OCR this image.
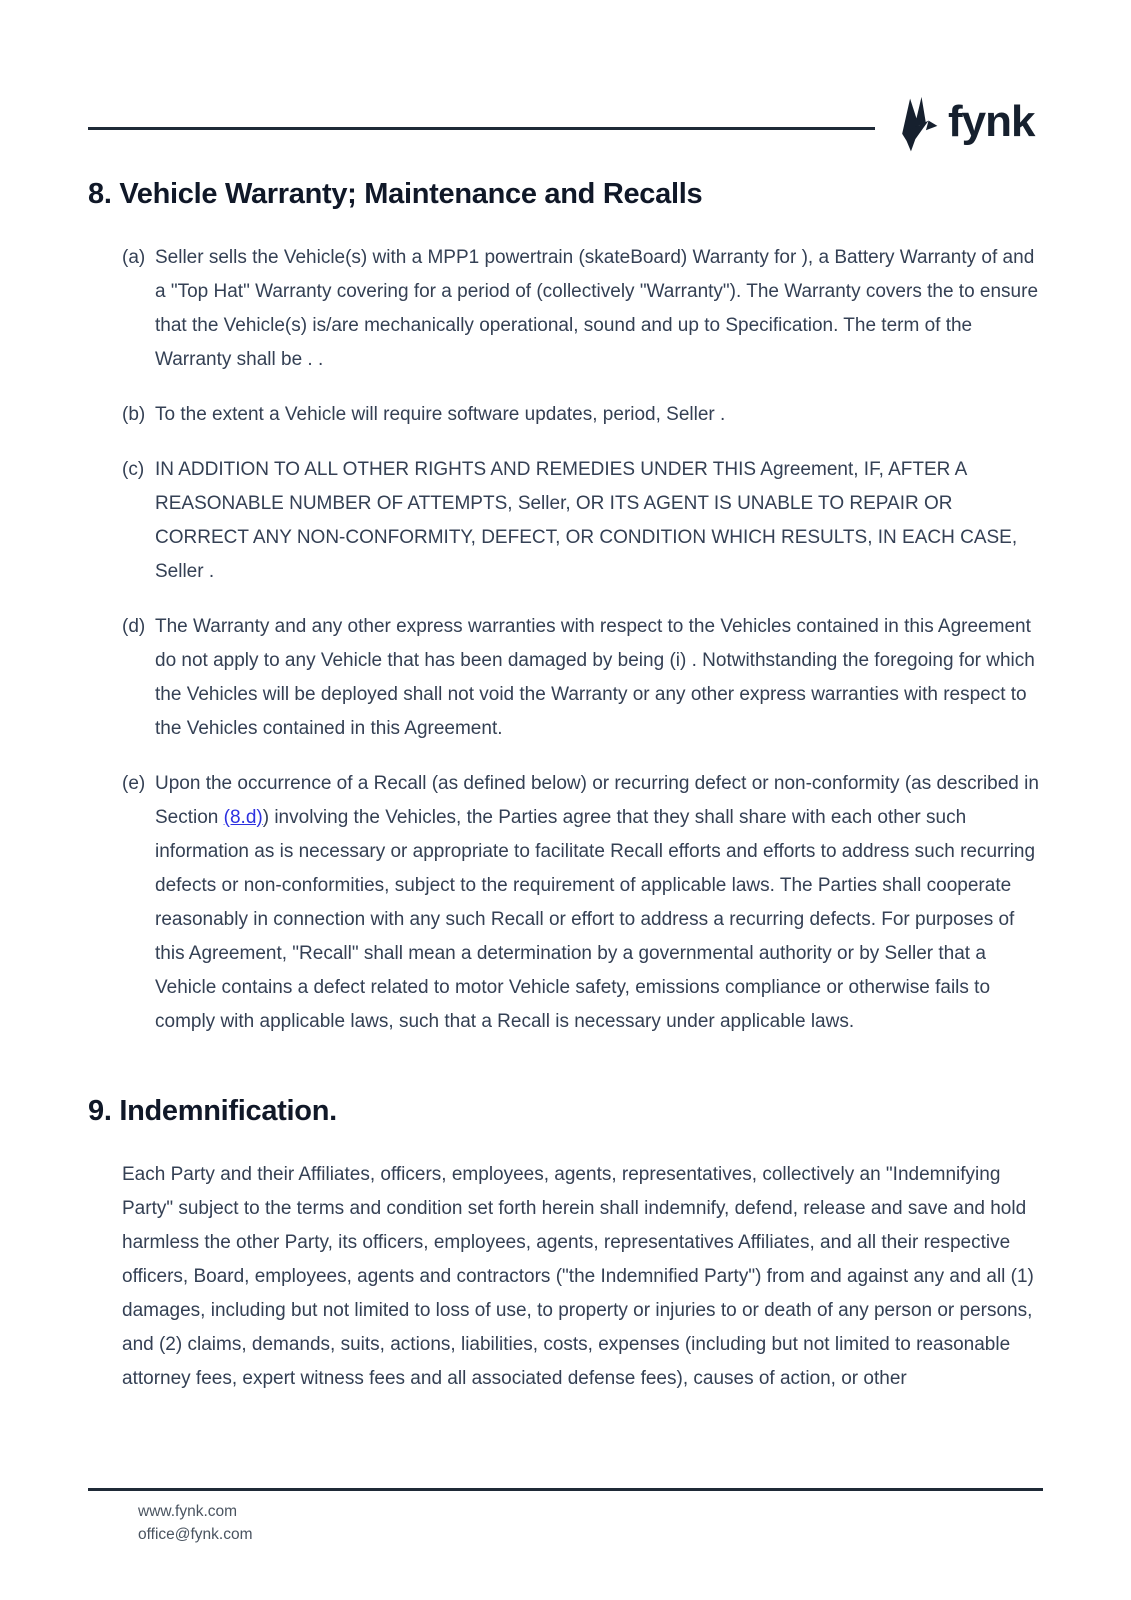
fynk
8. Vehicle Warranty; Maintenance and Recalls
(a) Seller sells the Vehicle(s) with a MPP1 powertrain (skateBoard) Warranty for ), a Battery Warranty of and a "Top Hat" Warranty covering for a period of (collectively "Warranty"). The Warranty covers the to ensure that the Vehicle(s) is/are mechanically operational, sound and up to Specification. The term of the Warranty shall be . .
(b) To the extent a Vehicle will require software updates, period, Seller .
(c) IN ADDITION TO ALL OTHER RIGHTS AND REMEDIES UNDER THIS Agreement, IF, AFTER A REASONABLE NUMBER OF ATTEMPTS, Seller, OR ITS AGENT IS UNABLE TO REPAIR OR CORRECT ANY NON-CONFORMITY, DEFECT, OR CONDITION WHICH RESULTS, IN EACH CASE, Seller .
(d) The Warranty and any other express warranties with respect to the Vehicles contained in this Agreement do not apply to any Vehicle that has been damaged by being (i) . Notwithstanding the foregoing for which the Vehicles will be deployed shall not void the Warranty or any other express warranties with respect to the Vehicles contained in this Agreement.
(e) Upon the occurrence of a Recall (as defined below) or recurring defect or non-conformity (as described in Section (8.d)) involving the Vehicles, the Parties agree that they shall share with each other such information as is necessary or appropriate to facilitate Recall efforts and efforts to address such recurring defects or non-conformities, subject to the requirement of applicable laws. The Parties shall cooperate reasonably in connection with any such Recall or effort to address a recurring defects. For purposes of this Agreement, "Recall" shall mean a determination by a governmental authority or by Seller that a Vehicle contains a defect related to motor Vehicle safety, emissions compliance or otherwise fails to comply with applicable laws, such that a Recall is necessary under applicable laws.
9. Indemnification.
Each Party and their Affiliates, officers, employees, agents, representatives, collectively an "Indemnifying Party" subject to the terms and condition set forth herein shall indemnify, defend, release and save and hold harmless the other Party, its officers, employees, agents, representatives Affiliates, and all their respective officers, Board, employees, agents and contractors ("the Indemnified Party") from and against any and all (1) damages, including but not limited to loss of use, to property or injuries to or death of any person or persons, and (2) claims, demands, suits, actions, liabilities, costs, expenses (including but not limited to reasonable attorney fees, expert witness fees and all associated defense fees), causes of action, or other
www.fynk.com
office@fynk.com
